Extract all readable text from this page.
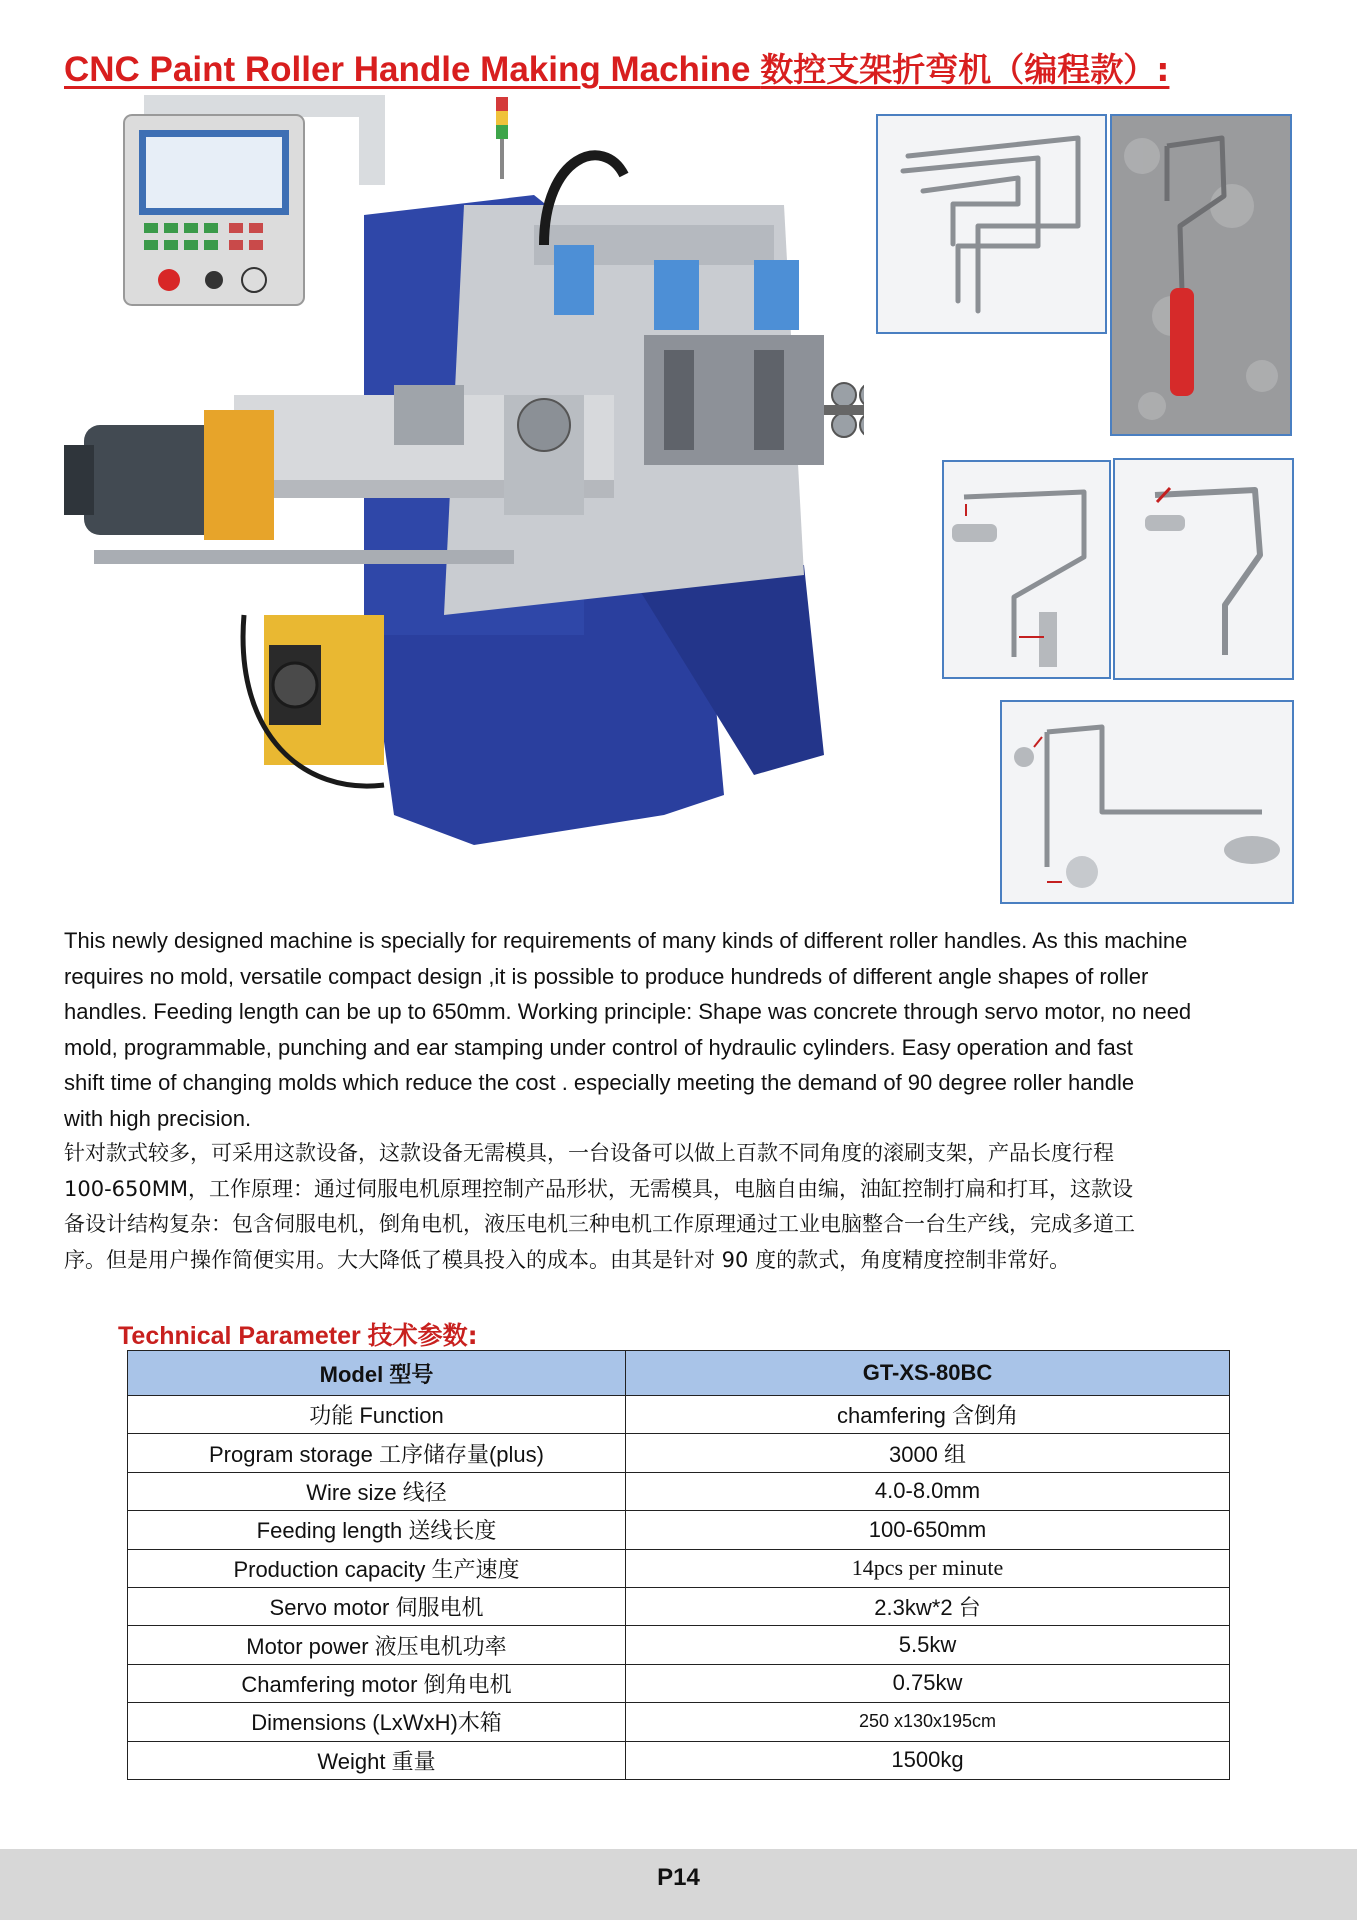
CNC Paint Roller Handle Making Machine 数控支架折弯机（编程款）:
This newly designed machine is specially for requirements of many kinds of different roller handles. As this machine
requires no mold, versatile compact design ,it is possible to produce hundreds of different angle shapes of roller
handles. Feeding length can be up to 650mm. Working principle: Shape was concrete through servo motor, no need
mold, programmable, punching and ear stamping under control of hydraulic cylinders. Easy operation and fast
shift time of changing molds which reduce the cost . especially meeting the demand of 90 degree roller handle
with high precision.
针对款式较多，可采用这款设备，这款设备无需模具，一台设备可以做上百款不同角度的滚刷支架，产品长度行程
100-650MM，工作原理：通过伺服电机原理控制产品形状，无需模具，电脑自由编，油缸控制打扁和打耳，这款设
备设计结构复杂：包含伺服电机，倒角电机，液压电机三种电机工作原理通过工业电脑整合一台生产线，完成多道工
序。但是用户操作简便实用。大大降低了模具投入的成本。由其是针对 90 度的款式，角度精度控制非常好。
Technical Parameter 技术参数:
Model 型号	GT-XS-80BC
功能 Function	chamfering 含倒角
Program storage 工序储存量(plus)	3000 组
Wire size 线径	4.0-8.0mm
Feeding length 送线长度	100-650mm
Production capacity 生产速度	14pcs per minute
Servo motor 伺服电机	2.3kw*2 台
Motor power 液压电机功率	5.5kw
Chamfering motor 倒角电机	0.75kw
Dimensions (LxWxH)木箱	250 x130x195cm
Weight 重量	1500kg
P14
